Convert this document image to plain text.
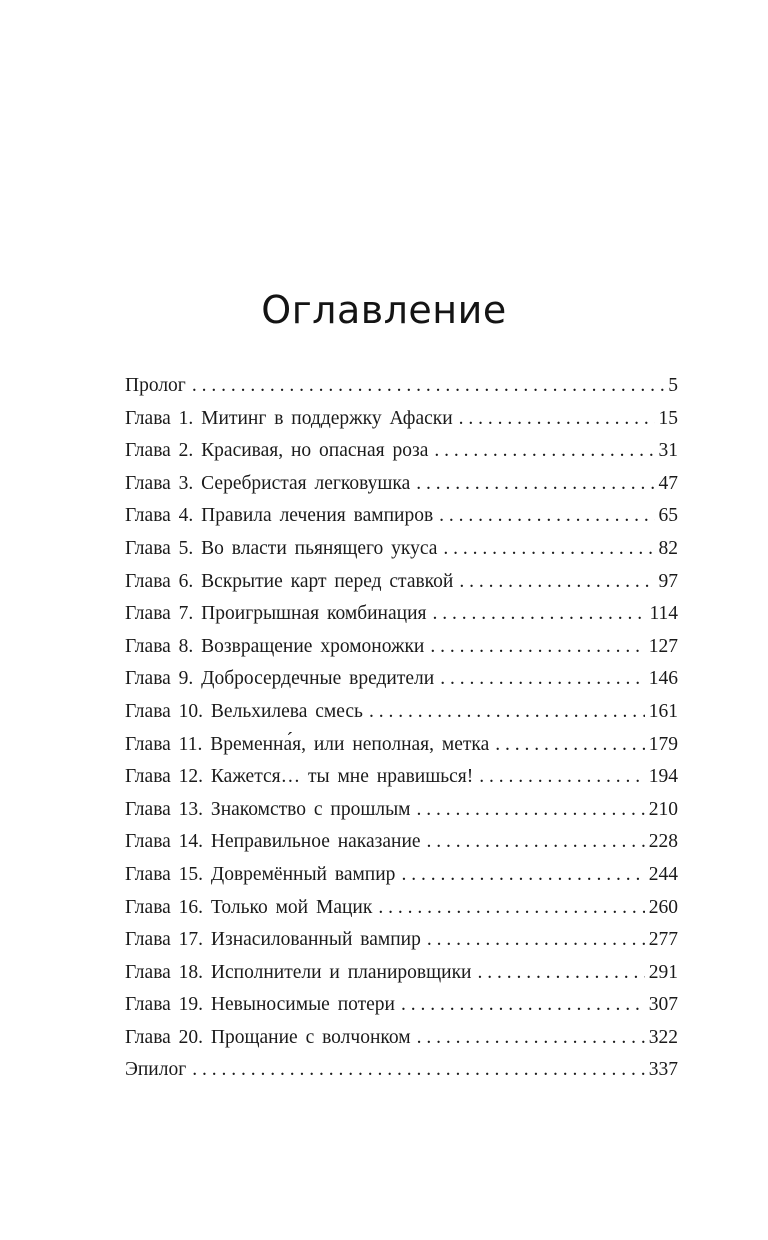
Оглавление
Пролог . . .	5
Глава 1. Митинг в поддержку Афаски . . .	15
Глава 2. Красивая, но опасная роза . . .	31
Глава 3. Серебристая легковушка . . .	47
Глава 4. Правила лечения вампиров . . .	65
Глава 5. Во власти пьянящего укуса . . .	82
Глава 6. Вскрытие карт перед ставкой . . .	97
Глава 7. Проигрышная комбинация . . .	114
Глава 8. Возвращение хромоножки . . .	127
Глава 9. Добросердечные вредители . . .	146
Глава 10. Вельхилева смесь . . .	161
Глава 11. Временна́я, или неполная, метка . . .	179
Глава 12. Кажется… ты мне нравишься! . . .	194
Глава 13. Знакомство с прошлым . . .	210
Глава 14. Неправильное наказание . . .	228
Глава 15. Довремённый вампир . . .	244
Глава 16. Только мой Мацик . . .	260
Глава 17. Изнасилованный вампир . . .	277
Глава 18. Исполнители и планировщики . . .	291
Глава 19. Невыносимые потери . . .	307
Глава 20. Прощание с волчонком . . .	322
Эпилог . . .	337
